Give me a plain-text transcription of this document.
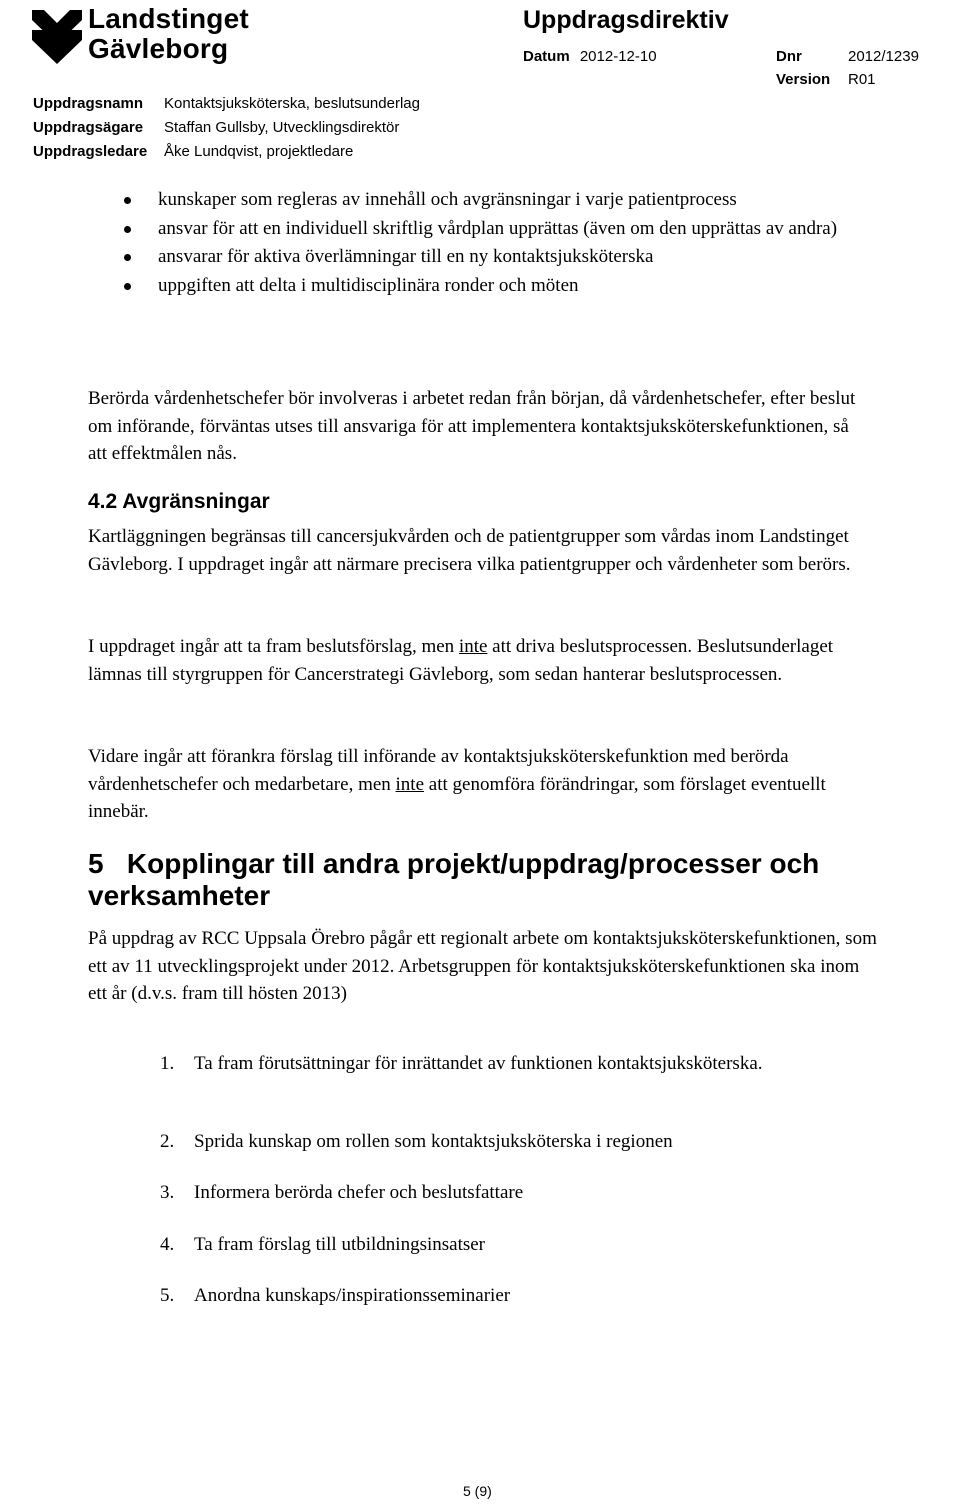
Landstinget
Gävleborg
Uppdragsdirektiv
Datum 2012-12-10	Dnr	2012/1239
Version R01
Uppdragsnamn Kontaktsjuksköterska, beslutsunderlag
Uppdragsägare Staffan Gullsby, Utvecklingsdirektör
Uppdragsledare Åke Lundqvist, projektledare
kunskaper som regleras av innehåll och avgränsningar i varje patientprocess
ansvar för att en individuell skriftlig vårdplan upprättas (även om den upprättas av andra)
ansvarar för aktiva överlämningar till en ny kontaktsjuksköterska
uppgiften att delta i multidisciplinära ronder och möten

Berörda vårdenhetschefer bör involveras i arbetet redan från början, då vårdenhetschefer, efter beslut om införande, förväntas utses till ansvariga för att implementera kontaktsjuksköterskefunktionen, så att effektmålen nås.

4.2 Avgränsningar

Kartläggningen begränsas till cancersjukvården och de patientgrupper som vårdas inom Landstinget Gävleborg. I uppdraget ingår att närmare precisera vilka patientgrupper och vårdenheter som berörs.

I uppdraget ingår att ta fram beslutsförslag, men inte att driva beslutsprocessen. Beslutsunderlaget lämnas till styrgruppen för Cancerstrategi Gävleborg, som sedan hanterar beslutsprocessen.

Vidare ingår att förankra förslag till införande av kontaktsjuksköterskefunktion med berörda vårdenhetschefer och medarbetare, men inte att genomföra förändringar, som förslaget eventuellt innebär.

5   Kopplingar till andra projekt/uppdrag/processer och verksamheter

På uppdrag av RCC Uppsala Örebro pågår ett regionalt arbete om kontaktsjuksköterskefunktionen, som ett av 11 utvecklingsprojekt under 2012. Arbetsgruppen för kontaktsjuksköterskefunktionen ska inom ett år (d.v.s. fram till hösten 2013)

1. Ta fram förutsättningar för inrättandet av funktionen kontaktsjuksköterska.
2. Sprida kunskap om rollen som kontaktsjuksköterska i regionen
3. Informera berörda chefer och beslutsfattare
4. Ta fram förslag till utbildningsinsatser
5. Anordna kunskaps/inspirationsseminarier
5 (9)
